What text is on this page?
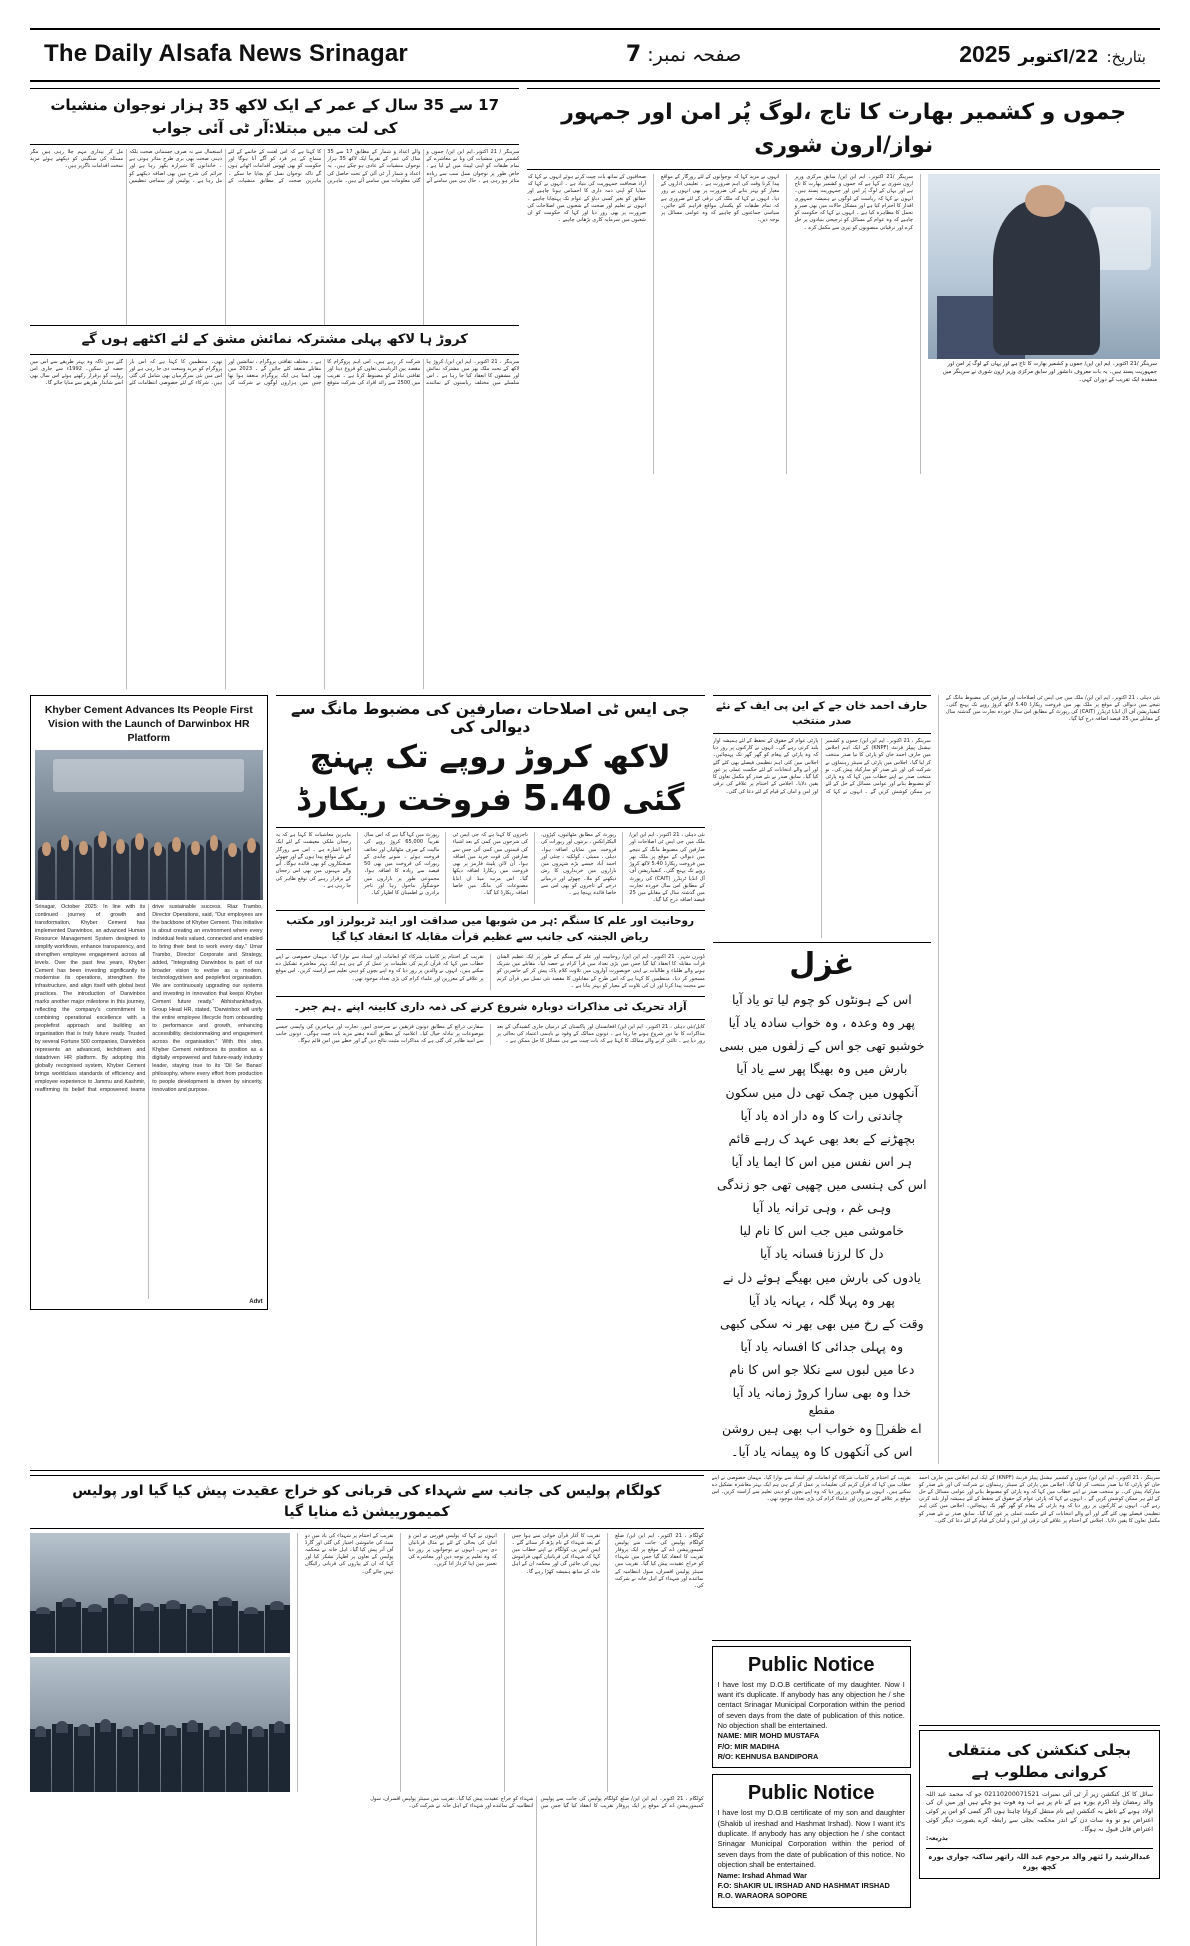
The Daily Alsafa News Srinagar	7 صفحہ نمبر:	2025 22/اکتوبر بتاریخ:
17 سے 35 سال کے عمر کے ایک لاکھ 35 ہزار نوجوان منشیات کی لت میں مبتلا:آر ٹی آئی جواب
سرینگر / 21 اکتوبر۔ایم این این/ جموں و کشمیر میں منشیات کی وبا نے معاشرے کے تمام طبقات کو اپنی لپیٹ میں لے لیا ہے ، خاص طور پر نوجوان نسل سب سے زیادہ متاثر ہو رہی ہے ۔ حال ہی میں سامنے آنے والے اعداد و شمار کے مطابق 17 سے 35 سال کی عمر کے تقریباً ایک لاکھ 35 ہزار نوجوان منشیات کے عادی ہو چکے ہیں۔ یہ اعداد و شمار آر ٹی آئی کے تحت حاصل کی گئی معلومات میں سامنے آئے ہیں۔ ماہرین کا کہنا ہے کہ اس لعنت کے خاتمے کے لئے سماج کے ہر فرد کو آگے آنا ہوگا اور حکومت کو بھی ٹھوس اقدامات اٹھانے ہوں گے تاکہ نوجوان نسل کو بچایا جا سکے ۔ ماہرین صحت کے مطابق منشیات کے استعمال سے نہ صرف جسمانی صحت بلکہ ذہنی صحت بھی بری طرح متاثر ہوتی ہے ۔ خاندانوں کا شیرازہ بکھر رہا ہے اور جرائم کی شرح میں بھی اضافہ دیکھنے کو مل رہا ہے ۔ پولیس اور سماجی تنظیمیں مل کر بیداری مہم چلا رہی ہیں مگر مسئلہ کی سنگینی کو دیکھتے ہوئے مزید سخت اقدامات ناگزیر ہیں۔
کروڑ ہا لاکھ پہلی مشترکہ نمائش مشق کے لئے اکٹھے ہوں گے
سرینگر ، 21 اکتوبر۔ ایم این این/ کروڑ ہا لاکھ کے تحت ملک بھر میں مشترکہ نمائش اور مشقوں کا انعقاد کیا جا رہا ہے ۔ اس سلسلے میں مختلف ریاستوں کے نمائندے شرکت کر رہے ہیں۔ اس اہم پروگرام کا مقصد بین الریاستی تعاون کو فروغ دینا اور ثقافتی تبادلے کو مضبوط کرنا ہے ۔ تقریب میں 2500 سے زائد افراد کی شرکت متوقع ہے ۔ مختلف ثقافتی پروگرام ، نمائشیں اور مقابلے منعقد کئے جائیں گے ۔ 2023 میں بھی ایسا ہی ایک پروگرام منعقد ہوا تھا جس میں ہزاروں لوگوں نے شرکت کی تھی۔ منتظمین کا کہنا ہے کہ اس بار پروگرام کو مزید وسعت دی جا رہی ہے اور اس میں نئی سرگرمیاں بھی شامل کی گئی ہیں۔ شرکاء کے لئے خصوصی انتظامات کئے گئے ہیں تاکہ وہ بہتر طریقے سے اس میں حصہ لے سکیں۔ 1992ء سے جاری اس روایت کو برقرار رکھتے ہوئے اس سال بھی اسے شاندار طریقے سے منایا جائے گا۔
جموں و کشمیر بھارت کا تاج ،لوگ پُر امن اور جمہور نواز/ارون شوری
صحافیوں کے ساتھ بات چیت کرتے ہوئے انہوں نے کہا کہ آزاد صحافت جمہوریت کی بنیاد ہے ۔ انہوں نے کہا کہ میڈیا کو اپنی ذمہ داری کا احساس ہونا چاہیے اور حقائق کو بغیر کسی دباؤ کے عوام تک پہنچانا چاہیے ۔ انہوں نے تعلیم اور صحت کے شعبوں میں اصلاحات کی ضرورت پر بھی زور دیا اور کہا کہ حکومت کو ان شعبوں میں سرمایہ کاری بڑھانی چاہیے ۔
انہوں نے مزید کہا کہ نوجوانوں کے لئے روزگار کے مواقع پیدا کرنا وقت کی اہم ضرورت ہے ۔ تعلیمی اداروں کے معیار کو بہتر بنانے کی ضرورت پر بھی انہوں نے زور دیا۔ انہوں نے کہا کہ ملک کی ترقی کے لئے ضروری ہے کہ تمام طبقات کو یکساں مواقع فراہم کئے جائیں۔ سیاسی جماعتوں کو چاہیے کہ وہ عوامی مسائل پر توجہ دیں۔
سرینگر /21 اکتوبر۔ ایم این این/ سابق مرکزی وزیر ارون شوری نے کہا ہے کہ جموں و کشمیر بھارت کا تاج ہے اور یہاں کے لوگ پُر امن اور جمہوریت پسند ہیں۔ انہوں نے کہا کہ ریاست کے لوگوں نے ہمیشہ جمہوری اقدار کا احترام کیا ہے اور مشکل حالات میں بھی صبر و تحمل کا مظاہرہ کیا ہے ۔ انہوں نے کہا کہ حکومت کو چاہیے کہ وہ عوام کے مسائل کو ترجیحی بنیادوں پر حل کرے اور ترقیاتی منصوبوں کو تیزی سے مکمل کرے ۔
سرینگر /21 اکتوبر۔ ایم این این/ جموں و کشمیر بھارت کا تاج ہے اور یہاں کے لوگ پُر امن اور جمہوریت پسند ہیں۔ یہ بات معروف دانشور اور سابق مرکزی وزیر ارون شوری نے سرینگر میں منعقدہ ایک تقریب کے دوران کہی۔
Khyber Cement Advances Its People First Vision with the Launch of Darwinbox HR Platform
Srinagar, October 2025: In line with its continued journey of growth and transformation, Khyber Cement has implemented Darwinbox, an advanced Human Resource Management System designed to simplify workflows, enhance transparency, and strengthen employee engagement across all levels. Over the past few years, Khyber Cement has been investing significantly to modernise its operations, strengthen the infrastructure, and align itself with global best practices. The introduction of Darwinbox marks another major milestone in this journey, reflecting the company's commitment to combining operational excellence with a peoplefirst approach and building an organisation that is truly future ready. Trusted by several Fortune 500 companies, Darwinbox represents an advanced, techdriven and datadriven HR platform. By adopting this globally recognised system, Khyber Cement brings worldclass standards of efficiency and employee experience to Jammu and Kashmir, reaffirming its belief that empowered teams drive sustainable success. Riaz Trambo, Director Operations, said, "Our employees are the backbone of Khyber Cement. This initiative is about creating an environment where every individual feels valued, connected and enabled to bring their best to work every day." Umar Trambo, Director Corporate and Strategy, added, "Integrating Darwinbox is part of our broader vision to evolve as a modern, technologydriven and peoplefirst organisation. We are continuously upgrading our systems and investing in innovation that keeps Khyber Cement future ready." Abhishankhadiya, Group Head HR, stated, "Darwinbox will unify the entire employee lifecycle from onboarding to performance and growth, enhancing accessibility, decisionmaking and engagement across the organisation." With this step, Khyber Cement reinforces its position as a digitally empowered and future-ready industry leader, staying true to its 'Dil Se Banao' philosophy, where every effort from production to people development is driven by sincerity, innovation and purpose.
Advt
جی ایس ٹی اصلاحات ،صارفین کی مضبوط مانگ سے دیوالی کی
لاکھ کروڑ روپے تک پہنچ گئی 5.40 فروخت ریکارڈ
ماہرین معاشیات کا کہنا ہے کہ یہ رجحان ملکی معیشت کے لئے ایک اچھا اشارہ ہے ۔ اس سے روزگار کے نئے مواقع پیدا ہوں گے اور چھوٹے صنعتکاروں کو بھی فائدہ ہوگا۔ آنے والے مہینوں میں بھی اس رجحان کے برقرار رہنے کی توقع ظاہر کی جا رہی ہے ۔
رپورٹ میں کہا گیا ہے کہ اس سال تقریباً 65,000 کروڑ روپے کی مالیت کے صرف مٹھائیاں اور تحائف فروخت ہوئے ۔ سونے چاندی کے زیورات کی فروخت میں بھی 50 فیصد سے زیادہ کا اضافہ ہوا۔ مجموعی طور پر بازاروں میں خوشگوار ماحول رہا اور تاجر برادری نے اطمینان کا اظہار کیا۔
تاجروں کا کہنا ہے کہ جی ایس ٹی کی شرحوں میں کمی کے بعد اشیاء کی قیمتوں میں کمی آئی جس سے صارفین کی قوت خرید میں اضافہ ہوا۔ آن لائن پلیٹ فارمز پر بھی فروخت میں ریکارڈ اضافہ دیکھا گیا۔ اس مرتبہ میڈ ان انڈیا مصنوعات کی مانگ میں خاصا اضافہ ریکارڈ کیا گیا۔
رپورٹ کے مطابق مٹھائیوں، کپڑوں، الیکٹرانکس ، برتنوں اور زیورات کی فروخت میں نمایاں اضافہ ہوا۔ دہلی ، ممبئی ، کولکتہ ، چنئی اور احمد آباد جیسے بڑے شہروں میں بازاروں میں خریداروں کا رش دیکھنے کو ملا۔ چھوٹے اور درمیانے درجے کے تاجروں کو بھی اس سے خاصا فائدہ پہنچا ہے ۔
نئی دہلی ، 21 اکتوبر۔ ایم این این/ ملک میں جی ایس ٹی اصلاحات اور صارفین کی مضبوط مانگ کے نتیجے میں دیوالی کے موقع پر ملک بھر میں فروخت ریکارڈ 5.40 لاکھ کروڑ روپے تک پہنچ گئی۔ کنفیڈریشن آف آل انڈیا ٹریڈرز (CAIT) کی رپورٹ کے مطابق اس سال خوردہ تجارت میں گذشتہ سال کے مقابلے میں 25 فیصد اضافہ درج کیا گیا۔
روحانیت اور علم کا سنگم :ہر من شوبھا میں صداقت اور ایند ٹریولرز اور مکتب ریاض الجنتہ کی جانب سے عظیم قرأت مقابلہ کا انعقاد کیا گیا
تقریب کے اختتام پر کامیاب شرکاء کو انعامات اور اسناد سے نوازا گیا۔ مہمان خصوصی نے اپنے خطاب میں کہا کہ قرآن کریم کی تعلیمات پر عمل کر کے ہی ہم ایک بہتر معاشرہ تشکیل دے سکتے ہیں۔ انہوں نے والدین پر زور دیا کہ وہ اپنے بچوں کو دینی تعلیم سے آراستہ کریں۔ اس موقع پر علاقے کے معززین اور علماء کرام کی بڑی تعداد موجود تھی۔
ڈوبرن شہر۔ 21 اکتوبر۔ ایم این این/ روحانیت اور علم کے سنگم کے طور پر ایک عظیم الشان قرأت مقابلہ کا انعقاد کیا گیا جس میں بڑی تعداد میں قرأ کرام نے حصہ لیا۔ مقابلے میں شریک ہونے والے طلباء و طالبات نے اپنی خوبصورت آوازوں میں تلاوت کلام پاک پیش کر کے حاضرین کو مسحور کر دیا۔ منتظمین کا کہنا ہے کہ اس طرح کے مقابلوں کا مقصد نئی نسل میں قرآن کریم سے محبت پیدا کرنا اور ان کی تلاوت کے معیار کو بہتر بنانا ہے ۔
آزاد تحریک ٹی مذاکرات دوبارہ شروع کرنے کی ذمہ داری کابینہ اپنے ۔ہم جبر۔
سفارتی ذرائع کے مطابق دونوں فریقین نے سرحدی امور، تجارت اور مہاجرین کی واپسی جیسے موضوعات پر تبادلہ خیال کیا۔ اعلامیہ کے مطابق آئندہ ہفتے مزید بات چیت ہوگی۔ دونوں جانب سے امید ظاہر کی گئی ہے کہ مذاکرات مثبت نتائج دیں گے اور خطے میں امن قائم ہوگا۔
کابل/نئی دہلی ، 21 اکتوبر۔ ایم این این/ افغانستان اور پاکستان کے درمیان جاری کشیدگی کے بعد مذاکرات کا نیا دور شروع ہونے جا رہا ہے ۔ دونوں ممالک کے وفود نے باہمی اعتماد کی بحالی پر زور دیا ہے ۔ ثالثی کرنے والے ممالک کا کہنا ہے کہ بات چیت سے ہی مسائل کا حل ممکن ہے ۔
حارف احمد خان جے کے این پی ایف کے نئے صدر منتخب
سرینگر ، 21 اکتوبر۔ ایم این این/ جموں و کشمیر نیشنل پیپلز فرنٹ (KNPF) کے ایک اہم اجلاس میں حارف احمد خان کو پارٹی کا نیا صدر منتخب کر لیا گیا۔ اجلاس میں پارٹی کے سینئر رہنماؤں نے شرکت کی اور نئے صدر کو مبارکباد پیش کی۔ نو منتخب صدر نے اپنے خطاب میں کہا کہ وہ پارٹی کو مضبوط بنانے اور عوامی مسائل کے حل کے لئے ہر ممکن کوشش کریں گے ۔ انہوں نے کہا کہ پارٹی عوام کے حقوق کے تحفظ کے لئے ہمیشہ آواز بلند کرتی رہے گی۔ انہوں نے کارکنوں پر زور دیا کہ وہ پارٹی کے پیغام کو گھر گھر تک پہنچائیں۔ اجلاس میں کئی اہم تنظیمی فیصلے بھی کئے گئے اور آنے والے انتخابات کے لئے حکمت عملی پر غور کیا گیا۔ سابق صدر نے نئے صدر کو مکمل تعاون کا یقین دلایا۔ اجلاس کے اختتام پر علاقے کی ترقی اور امن و امان کے قیام کے لئے دعا کی گئی۔
غزل
اس کے ہونٹوں کو چوم لیا تو یاد آیا
پھر وہ وعدہ ، وہ خواب سادہ یاد آیا
خوشبو تھی جو اس کے زلفوں میں بسی
بارش میں وہ بھیگا پھر سے یاد آیا
آنکھوں میں چمک تھی دل میں سکون
چاندنی رات کا وہ دار ادہ یاد آیا
بچھڑنے کے بعد بھی عہد ک رہے قائم
ہر اس نفس میں اس کا ایما یاد آیا
اس کی ہنسی میں چھپی تھی جو زندگی
وہی غم ، وہی ترانہ یاد آیا
خاموشی میں جب اس کا نام لیا
دل کا لرزنا فسانہ یاد آیا
یادوں کی بارش میں بھیگے ہوئے دل نے
پھر وہ پہلا گلہ ، بہانہ یاد آیا
وقت کے رخ میں بھی بھر نہ سکی کبھی
وہ پہلی جدائی کا افسانہ یاد آیا
دعا میں لبوں سے نکلا جو اس کا نام
خدا وہ بھی سارا کروڑ زمانہ یاد آیا
مقطع
اے ظفرؔ وہ خواب اب بھی ہیں روشن
اس کی آنکھوں کا وہ پیمانہ یاد آیا۔
نئی دہلی ، 21 اکتوبر۔ ایم این این/ ملک میں جی ایس ٹی اصلاحات اور صارفین کی مضبوط مانگ کے نتیجے میں دیوالی کے موقع پر ملک بھر میں فروخت ریکارڈ 5.40 لاکھ کروڑ روپے تک پہنچ گئی۔ کنفیڈریشن آف آل انڈیا ٹریڈرز (CAIT) کی رپورٹ کے مطابق اس سال خوردہ تجارت میں گذشتہ سال کے مقابلے میں 25 فیصد اضافہ درج کیا گیا۔
کولگام پولیس کی جانب سے شہداء کی قربانی کو خراج عقیدت پیش کیا گیا اور پولیس کمیمورییشن ڈے منایا گیا
تقریب کے اختتام پر شہداء کی یاد میں دو منٹ کی خاموشی اختیار کی گئی اور گارڈ آف آنر پیش کیا گیا۔ اہل خانہ نے محکمہ پولیس کے تعاون پر اظہار تشکر کیا اور کہا کہ ان کے پیاروں کی قربانی رائیگاں نہیں جائے گی۔
انہوں نے کہا کہ پولیس فورس نے امن و امان کی بحالی کے لئے بے مثال قربانیاں دی ہیں۔ انہوں نے نوجوانوں پر زور دیا کہ وہ تعلیم پر توجہ دیں اور معاشرے کی تعمیر میں اپنا کردار ادا کریں۔
تقریب کا آغاز قرآن خوانی سے ہوا جس کے بعد شہداء کے نام پڑھ کر سنائے گئے ۔ ایس ایس پی کولگام نے اپنے خطاب میں کہا کہ شہداء کی قربانیاں کبھی فراموش نہیں کی جائیں گی اور محکمہ ان کے اہل خانہ کے ساتھ ہمیشہ کھڑا رہے گا۔
کولگام ، 21 اکتوبر۔ ایم این این/ ضلع کولگام پولیس کی جانب سے پولیس کمیمورییشن ڈے کے موقع پر ایک پروقار تقریب کا انعقاد کیا گیا جس میں شہداء کو خراج عقیدت پیش کیا گیا۔ تقریب میں سینئر پولیس افسران، سول انتظامیہ کے نمائندے اور شہداء کے اہل خانہ نے شرکت کی۔
کولگام ، 21 اکتوبر۔ ایم این این/ ضلع کولگام پولیس کی جانب سے پولیس کمیمورییشن ڈے کے موقع پر ایک پروقار تقریب کا انعقاد کیا گیا جس میں شہداء کو خراج عقیدت پیش کیا گیا۔ تقریب میں سینئر پولیس افسران، سول انتظامیہ کے نمائندے اور شہداء کے اہل خانہ نے شرکت کی۔
تقریب کے اختتام پر کامیاب شرکاء کو انعامات اور اسناد سے نوازا گیا۔ مہمان خصوصی نے اپنے خطاب میں کہا کہ قرآن کریم کی تعلیمات پر عمل کر کے ہی ہم ایک بہتر معاشرہ تشکیل دے سکتے ہیں۔ انہوں نے والدین پر زور دیا کہ وہ اپنے بچوں کو دینی تعلیم سے آراستہ کریں۔ اس موقع پر علاقے کے معززین اور علماء کرام کی بڑی تعداد موجود تھی۔
Public Notice
I have lost my D.O.B certificate of my daughter. Now I want it's duplicate. If anybody has any objection he / she centact Srinagar Municipal Corporation within the period of seven days from the date of publication of this notice. No objection shall be entertained.
NAME: MIR MOHD MUSTAFA
F/O: MIR MADIHA
R/O: KEHNUSA BANDIPORA
Public Notice
I have lost my D.O.B certificate of my son and daughter (Shakib ul ireshad and Hashmat Irshad). Now I want it's duplicate. If anybody has any objection he / she contact Srinagar Municipal Corporation within the period of seven days from the date of publication of this notice. No objection shall be entertained.
Name: Irshad Ahmad War
F.O: ShAKIR UL IRSHAD AND HASHMAT IRSHAD
R.O. WARAORA SOPORE
سرینگر ، 21 اکتوبر۔ ایم این این/ جموں و کشمیر نیشنل پیپلز فرنٹ (KNPF) کے ایک اہم اجلاس میں حارف احمد خان کو پارٹی کا نیا صدر منتخب کر لیا گیا۔ اجلاس میں پارٹی کے سینئر رہنماؤں نے شرکت کی اور نئے صدر کو مبارکباد پیش کی۔ نو منتخب صدر نے اپنے خطاب میں کہا کہ وہ پارٹی کو مضبوط بنانے اور عوامی مسائل کے حل کے لئے ہر ممکن کوشش کریں گے ۔ انہوں نے کہا کہ پارٹی عوام کے حقوق کے تحفظ کے لئے ہمیشہ آواز بلند کرتی رہے گی۔ انہوں نے کارکنوں پر زور دیا کہ وہ پارٹی کے پیغام کو گھر گھر تک پہنچائیں۔ اجلاس میں کئی اہم تنظیمی فیصلے بھی کئے گئے اور آنے والے انتخابات کے لئے حکمت عملی پر غور کیا گیا۔ سابق صدر نے نئے صدر کو مکمل تعاون کا یقین دلایا۔ اجلاس کے اختتام پر علاقے کی ترقی اور امن و امان کے قیام کے لئے دعا کی گئی۔
بجلی کنکشن کی منتقلی کروانی مطلوب ہے
سائل کا کل کنکشن زیر آر ٹی آئی نمبرات 02110200071521 جو کہ محمد عبد اللہ والد رمضان ولد اکرم بورہ ہے کے نام پر ہے اب وہ فوت ہو چکے ہیں اور میں ان کی اولاد ہونے کے ناطے یہ کنکشن اپنے نام منتقل کروانا چاہتا ہوں اگر کسی کو اس پر کوئی اعتراض ہو تو وہ سات دن کے اندر محکمہ بجلی سے رابطہ کرے بصورت دیگر کوئی اعتراض قابل قبول نہ ہوگا۔
بذریعہ:
عبدالرشید را ئتھر والد مرحوم عبد اللہ راتھر ساکنہ چواری بورہ کچھ پورہ
